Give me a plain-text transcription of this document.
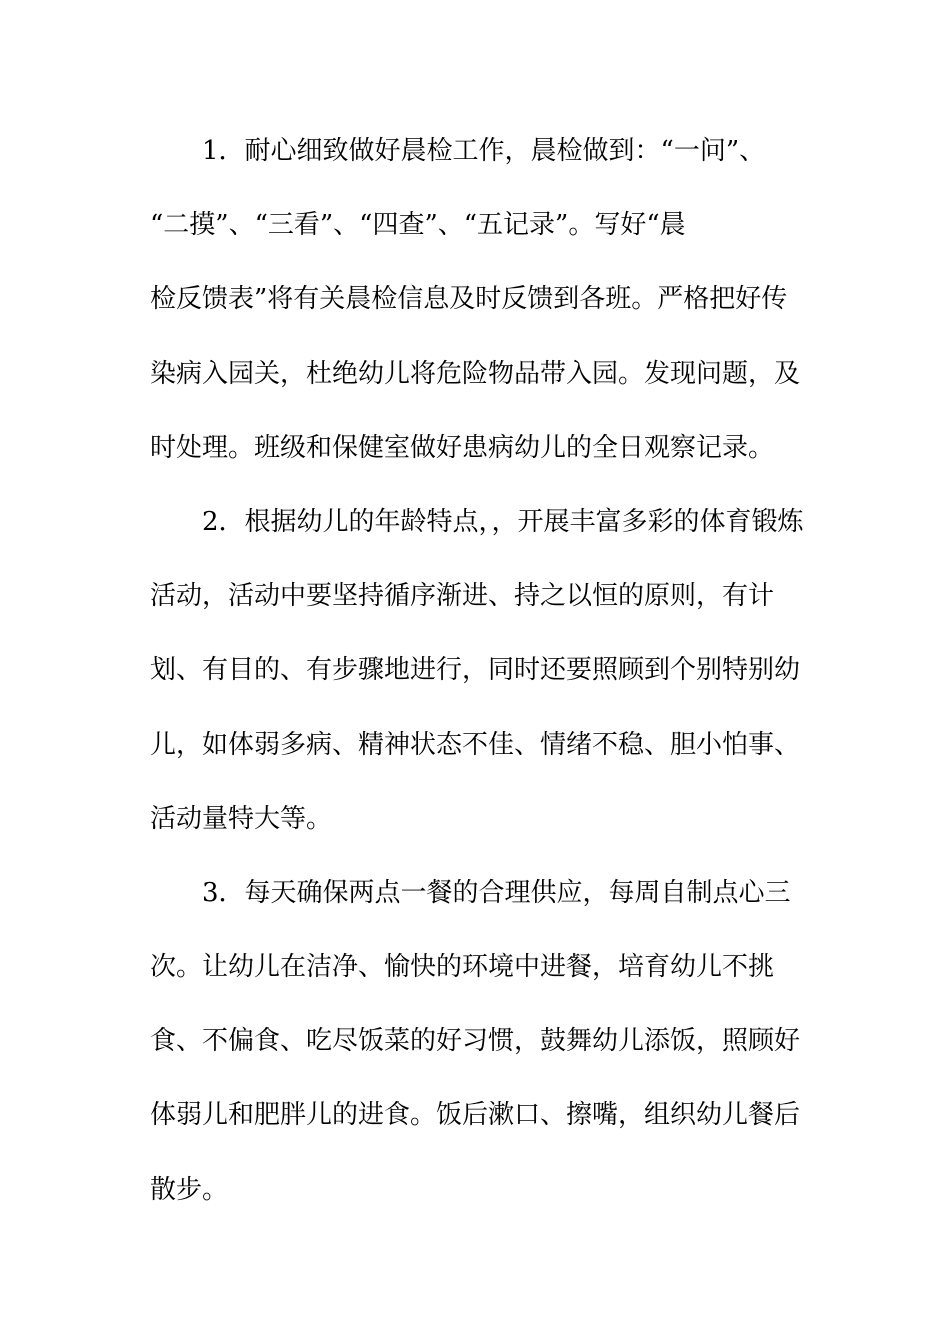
　　1．耐心细致做好晨检工作，晨检做到：“一问”、
“二摸”、“三看”、“四查”、“五记录”。写好“晨
检反馈表”将有关晨检信息及时反馈到各班。严格把好传
染病入园关，杜绝幼儿将危险物品带入园。发现问题，及
时处理。班级和保健室做好患病幼儿的全日观察记录。
　　2．根据幼儿的年龄特点，，开展丰富多彩的体育锻炼
活动，活动中要坚持循序渐进、持之以恒的原则，有计
划、有目的、有步骤地进行，同时还要照顾到个别特别幼
儿，如体弱多病、精神状态不佳、情绪不稳、胆小怕事、
活动量特大等。
　　3．每天确保两点一餐的合理供应，每周自制点心三
次。让幼儿在洁净、愉快的环境中进餐，培育幼儿不挑
食、不偏食、吃尽饭菜的好习惯，鼓舞幼儿添饭，照顾好
体弱儿和肥胖儿的进食。饭后漱口、擦嘴，组织幼儿餐后
散步。
